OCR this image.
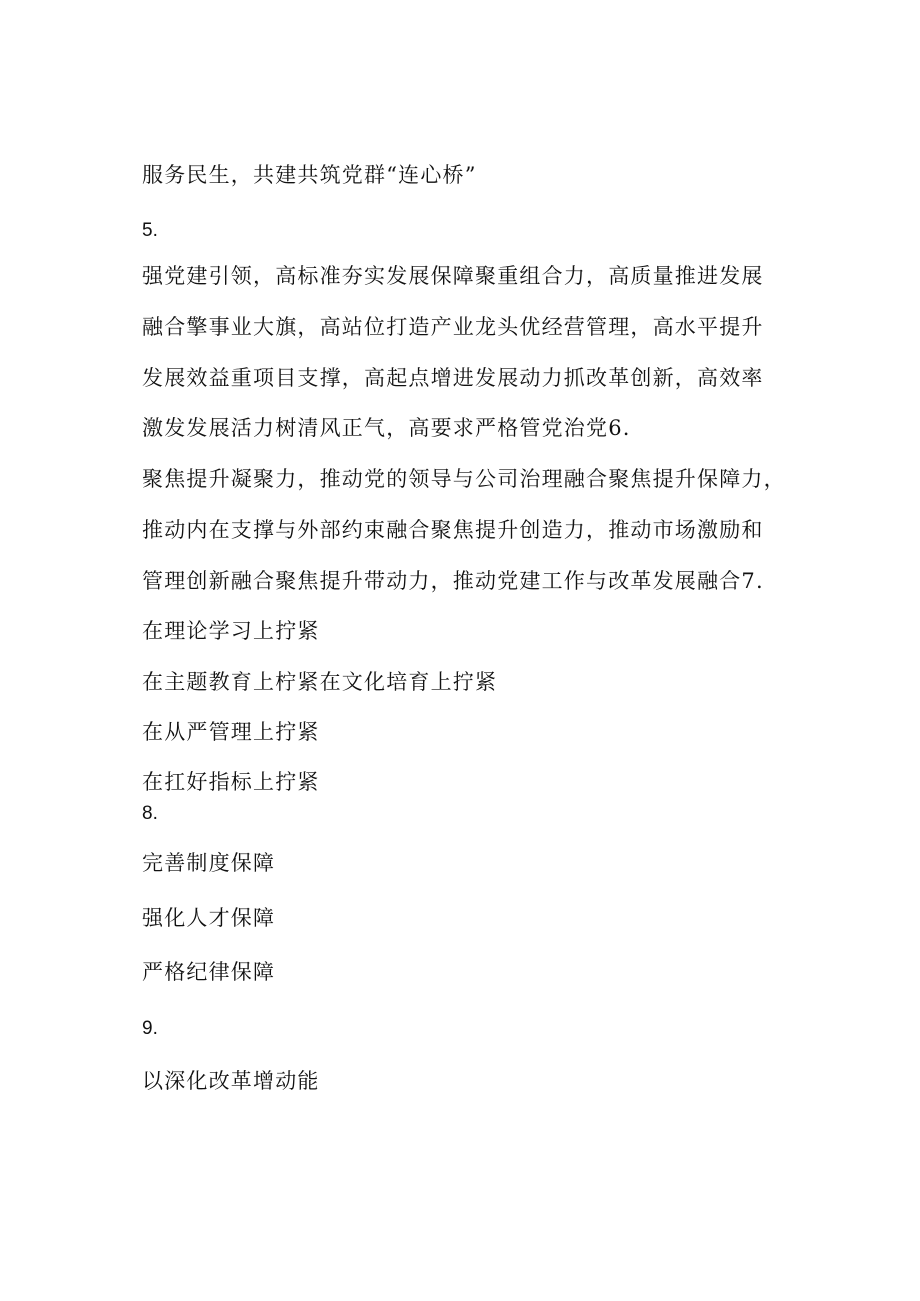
服务民生，共建共筑党群“连心桥”
5.
强党建引领，高标准夯实发展保障聚重组合力，高质量推进发展
融合擎事业大旗，高站位打造产业龙头优经营管理，高水平提升
发展效益重项目支撑，高起点增进发展动力抓改革创新，高效率
激发发展活力树清风正气，高要求严格管党治党6.
聚焦提升凝聚力，推动党的领导与公司治理融合聚焦提升保障力，
推动内在支撑与外部约束融合聚焦提升创造力，推动市场激励和
管理创新融合聚焦提升带动力，推动党建工作与改革发展融合7.
在理论学习上拧紧
在主题教育上柠紧在文化培育上拧紧
在从严管理上拧紧
在扛好指标上拧紧
8.
完善制度保障
强化人才保障
严格纪律保障
9.
以深化改革增动能
